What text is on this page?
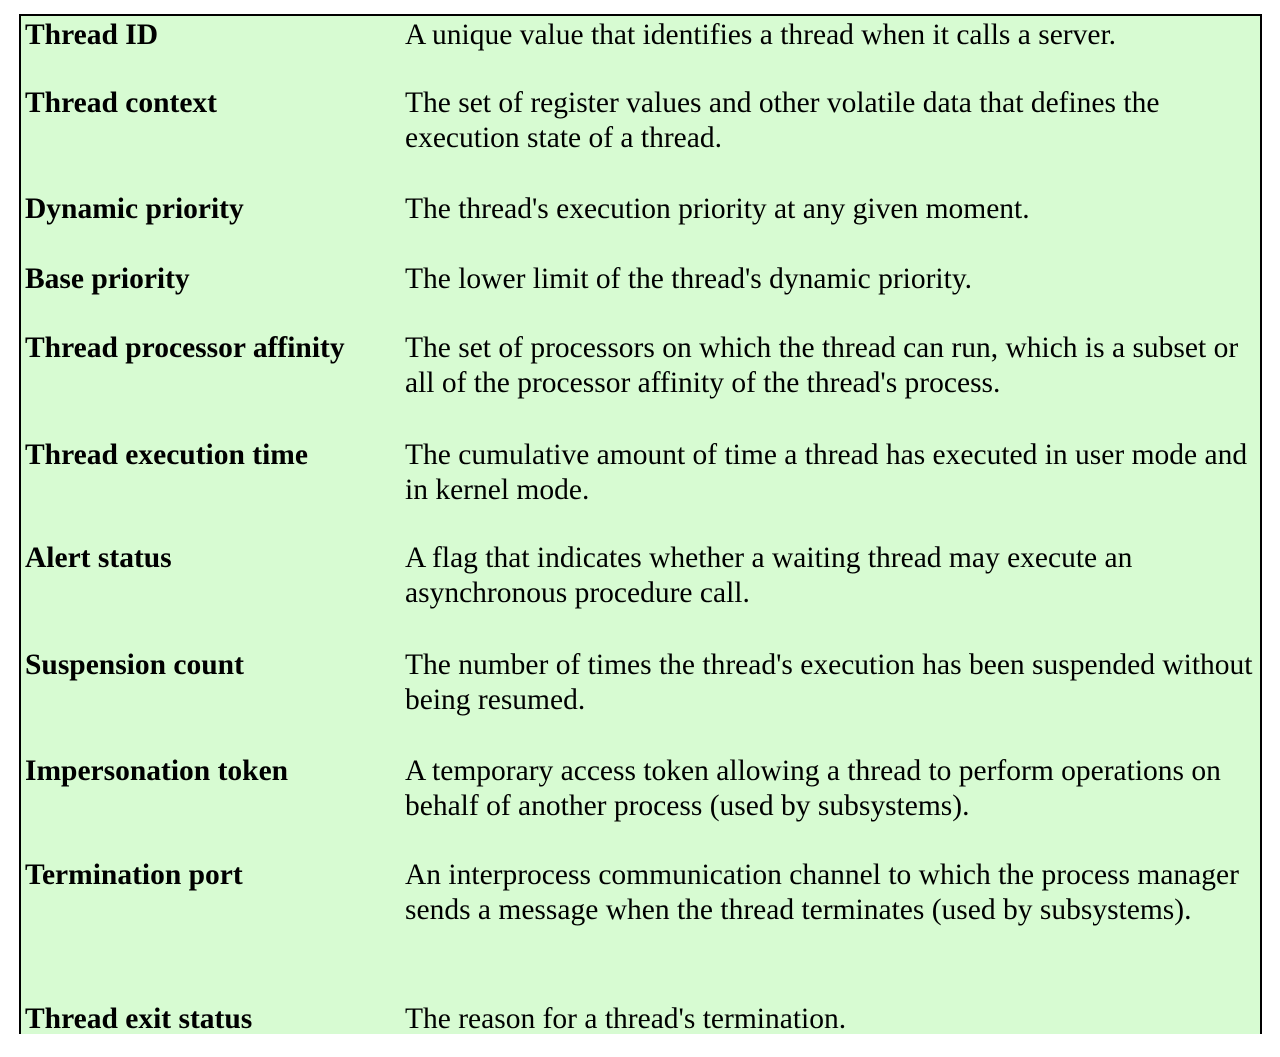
Thread ID	A unique value that identifies a thread when it calls a server.
Thread context	The set of register values and other volatile data that defines the execution state of a thread.
Dynamic priority	The thread's execution priority at any given moment.
Base priority	The lower limit of the thread's dynamic priority.
Thread processor affinity	The set of processors on which the thread can run, which is a subset or all of the processor affinity of the thread's process.
Thread execution time	The cumulative amount of time a thread has executed in user mode and in kernel mode.
Alert status	A flag that indicates whether a waiting thread may execute an asynchronous procedure call.
Suspension count	The number of times the thread's execution has been suspended without being resumed.
Impersonation token	A temporary access token allowing a thread to perform operations on behalf of another process (used by subsystems).
Termination port	An interprocess communication channel to which the process manager sends a message when the thread terminates (used by subsystems).
Thread exit status	The reason for a thread's termination.
